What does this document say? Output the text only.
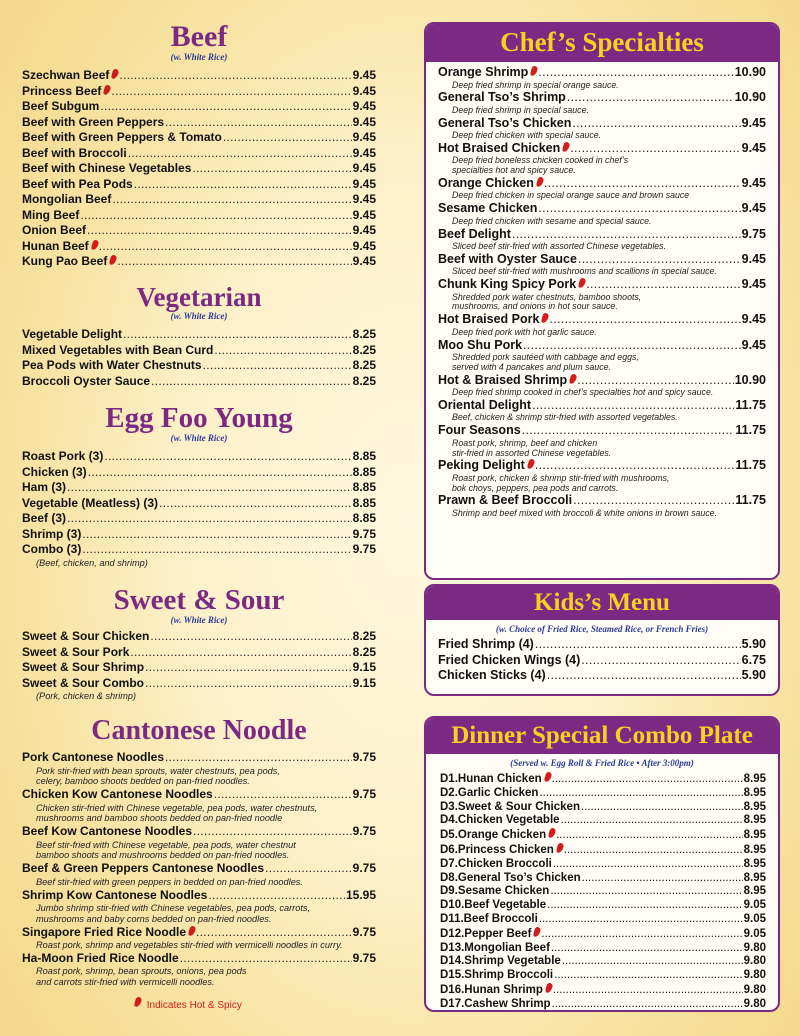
Beef
(w. White Rice)
Szechwan Beef .....	9.45
Princess Beef .....	9.45
Beef Subgum .....	9.45
Beef with Green Peppers .....	9.45
Beef with Green Peppers & Tomato .....	9.45
Beef with Broccoli .....	9.45
Beef with Chinese Vegetables .....	9.45
Beef with Pea Pods .....	9.45
Mongolian Beef .....	9.45
Ming Beef .....	9.45
Onion Beef .....	9.45
Hunan Beef .....	9.45
Kung Pao Beef .....	9.45
Vegetarian
(w. White Rice)
Vegetable Delight .....	8.25
Mixed Vegetables with Bean Curd .....	8.25
Pea Pods with Water Chestnuts .....	8.25
Broccoli Oyster Sauce .....	8.25
Egg Foo Young
(w. White Rice)
Roast Pork (3) .....	8.85
Chicken (3) .....	8.85
Ham (3) .....	8.85
Vegetable (Meatless) (3) .....	8.85
Beef (3) .....	8.85
Shrimp (3) .....	9.75
Combo (3) .....	9.75
(Beef, chicken, and shrimp)
Sweet & Sour
(w. White Rice)
Sweet & Sour Chicken .....	8.25
Sweet & Sour Pork .....	8.25
Sweet & Sour Shrimp .....	9.15
Sweet & Sour Combo .....	9.15
(Pork, chicken & shrimp)
Cantonese Noodle
Pork Cantonese Noodles .....	9.75
Pork stir-fried with bean sprouts, water chestnuts, pea pods,
celery, bamboo shoots bedded on pan-fried noodles.
Chicken Kow Cantonese Noodles .....	9.75
Chicken stir-fried with Chinese vegetable, pea pods, water chestnuts,
mushrooms and bamboo shoots bedded on pan-fried noodle
Beef Kow Cantonese Noodles .....	9.75
Beef stir-fried with Chinese vegetable, pea pods, water chestnut
bamboo shoots and mushrooms bedded on pan-fried noodles.
Beef & Green Peppers Cantonese Noodles .....	9.75
Beef stir-fried with green peppers in bedded on pan-fried noodles.
Shrimp Kow Cantonese Noodles .....	15.95
Jumbo shrimp stir-fried with Chinese vegetables, pea pods, carrots,
mushrooms and baby corns bedded on pan-fried noodles.
Singapore Fried Rice Noodle .....	9.75
Roast pork, shrimp and vegetables stir-fried with vermicelli noodles in curry.
Ha-Moon Fried Rice Noodle .....	9.75
Roast pork, shrimp, bean sprouts, onions, pea pods
and carrots stir-fried with vermicelli noodles.
Indicates Hot & Spicy
Chef’s Specialties
Orange Shrimp .....	10.90
Deep fried shrimp in special orange sauce.
General Tso’s Shrimp .....	10.90
Deep fried shrimp in special sauce.
General Tso’s Chicken .....	9.45
Deep fried chicken with special sauce.
Hot Braised Chicken .....	9.45
Deep fried boneless chicken cooked in chef’s
specialties hot and spicy sauce.
Orange Chicken .....	9.45
Deep fried chicken in special orange sauce and brown sauce
Sesame Chicken .....	9.45
Deep fried chicken with sesame and special sauce.
Beef Delight .....	9.75
Sliced beef stir-fried with assorted Chinese vegetables.
Beef with Oyster Sauce .....	9.45
Sliced beef stir-fried with mushrooms and scallions in special sauce.
Chunk King Spicy Pork .....	9.45
Shredded pork water chestnuts, bamboo shoots,
mushrooms, and onions in hot sour sauce.
Hot Braised Pork .....	9.45
Deep fried pork with hot garlic sauce.
Moo Shu Pork .....	9.45
Shredded pork sautéed with cabbage and eggs,
served with 4 pancakes and plum sauce.
Hot & Braised Shrimp .....	10.90
Deep fried shrimp cooked in chef’s specialties hot and spicy sauce.
Oriental Delight .....	11.75
Beef, chicken & shrimp stir-fried with assorted vegetables.
Four Seasons .....	11.75
Roast pork, shrimp, beef and chicken
stir-fried in assorted Chinese vegetables.
Peking Delight .....	11.75
Roast pork, chicken & shrimp stir-fried with mushrooms,
bok choys, peppers, pea pods and carrots.
Prawn & Beef Broccoli .....	11.75
Shrimp and beef mixed with broccoli & white onions in brown sauce.
Kids’s Menu
(w. Choice of Fried Rice, Steamed Rice, or French Fries)
Fried Shrimp (4) .....	5.90
Fried Chicken Wings (4) .....	6.75
Chicken Sticks (4) .....	5.90
Dinner Special Combo Plate
(Served w. Egg Roll & Fried Rice • After 3:00pm)
D1. Hunan Chicken .....	8.95
D2. Garlic Chicken .....	8.95
D3. Sweet & Sour Chicken .....	8.95
D4. Chicken Vegetable .....	8.95
D5. Orange Chicken .....	8.95
D6. Princess Chicken .....	8.95
D7. Chicken Broccoli .....	8.95
D8. General Tso’s Chicken .....	8.95
D9. Sesame Chicken .....	8.95
D10. Beef Vegetable .....	9.05
D11. Beef Broccoli .....	9.05
D12. Pepper Beef .....	9.05
D13. Mongolian Beef .....	9.80
D14. Shrimp Vegetable .....	9.80
D15. Shrimp Broccoli .....	9.80
D16. Hunan Shrimp .....	9.80
D17. Cashew Shrimp .....	9.80
